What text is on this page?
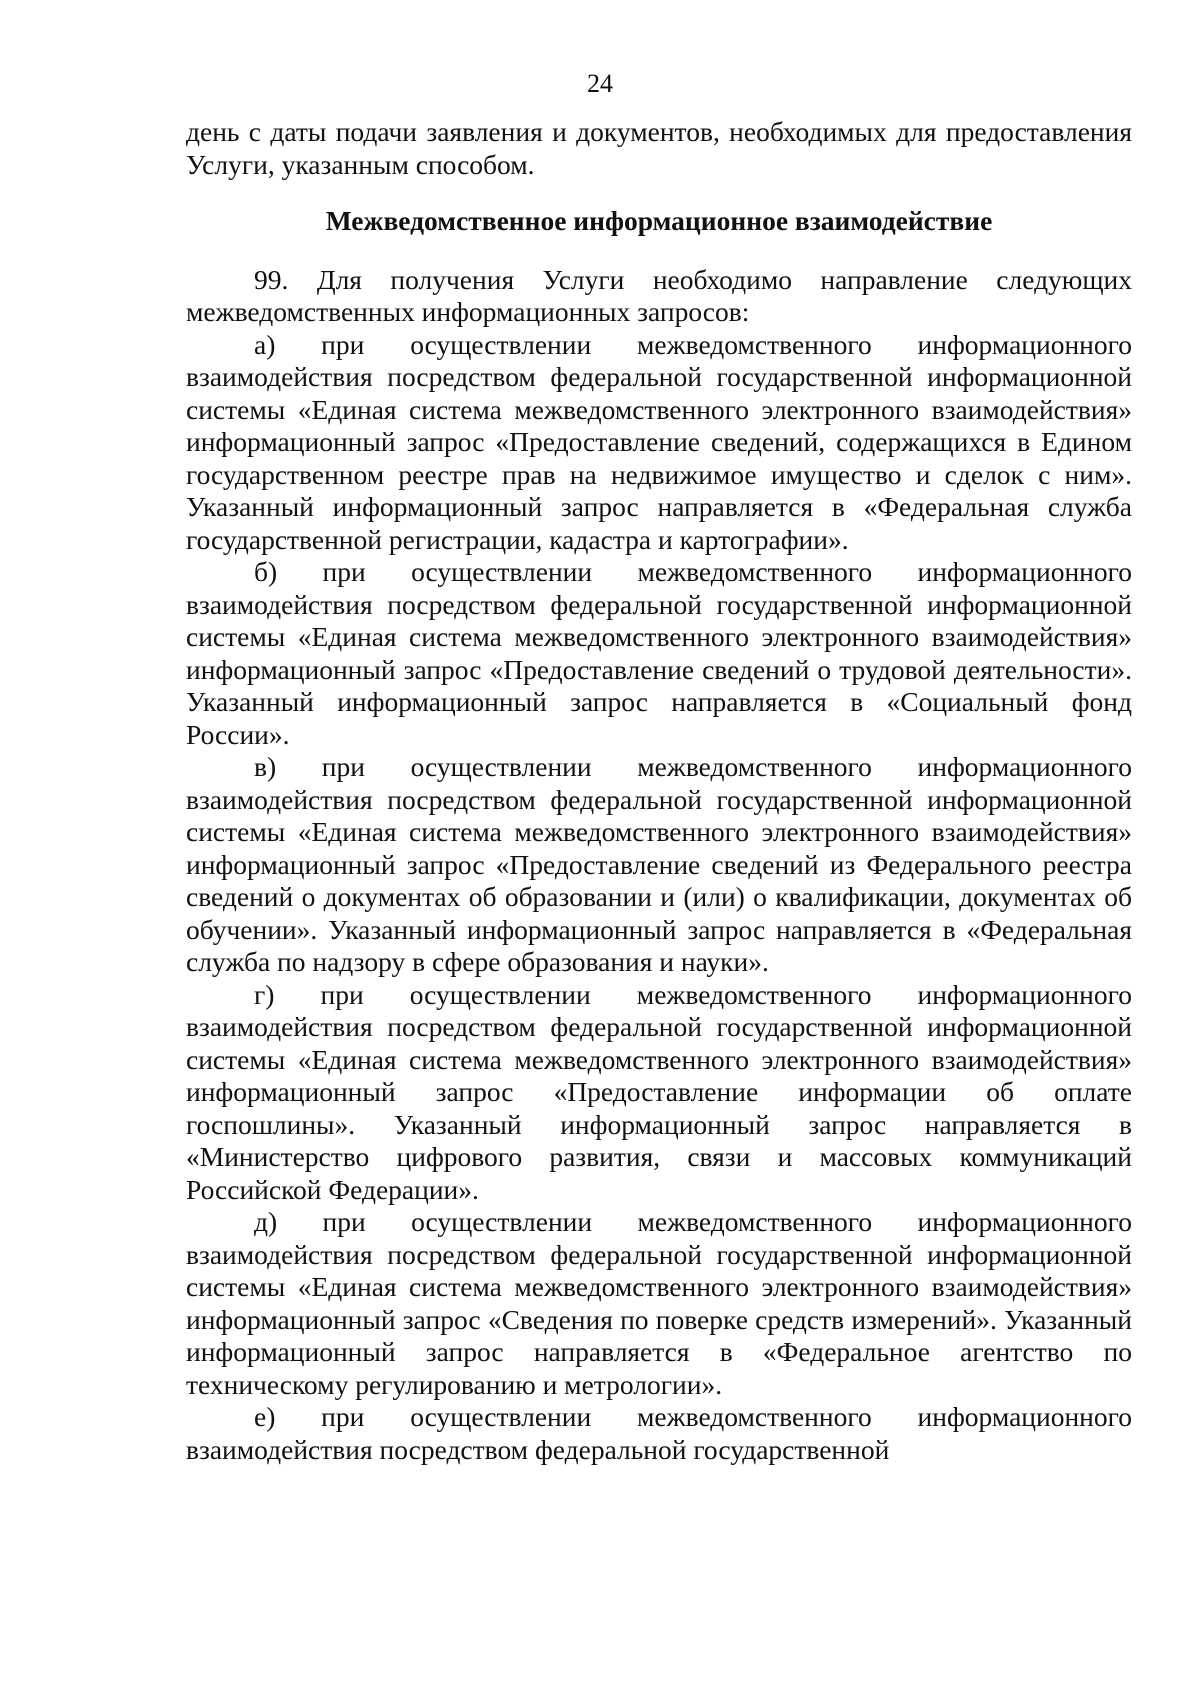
24

день с даты подачи заявления и документов, необходимых для предоставления Услуги, указанным способом.

Межведомственное информационное взаимодействие

99. Для получения Услуги необходимо направление следующих межведомственных информационных запросов:

а) при осуществлении межведомственного информационного взаимодействия посредством федеральной государственной информационной системы «Единая система межведомственного электронного взаимодействия» информационный запрос «Предоставление сведений, содержащихся в Едином государственном реестре прав на недвижимое имущество и сделок с ним». Указанный информационный запрос направляется в «Федеральная служба государственной регистрации, кадастра и картографии».

б) при осуществлении межведомственного информационного взаимодействия посредством федеральной государственной информационной системы «Единая система межведомственного электронного взаимодействия» информационный запрос «Предоставление сведений о трудовой деятельности». Указанный информационный запрос направляется в «Социальный фонд России».

в) при осуществлении межведомственного информационного взаимодействия посредством федеральной государственной информационной системы «Единая система межведомственного электронного взаимодействия» информационный запрос «Предоставление сведений из Федерального реестра сведений о документах об образовании и (или) о квалификации, документах об обучении». Указанный информационный запрос направляется в «Федеральная служба по надзору в сфере образования и науки».

г) при осуществлении межведомственного информационного взаимодействия посредством федеральной государственной информационной системы «Единая система межведомственного электронного взаимодействия» информационный запрос «Предоставление информации об оплате госпошлины». Указанный информационный запрос направляется в «Министерство цифрового развития, связи и массовых коммуникаций Российской Федерации».

д) при осуществлении межведомственного информационного взаимодействия посредством федеральной государственной информационной системы «Единая система межведомственного электронного взаимодействия» информационный запрос «Сведения по поверке средств измерений». Указанный информационный запрос направляется в «Федеральное агентство по техническому регулированию и метрологии».

е) при осуществлении межведомственного информационного взаимодействия посредством федеральной государственной
